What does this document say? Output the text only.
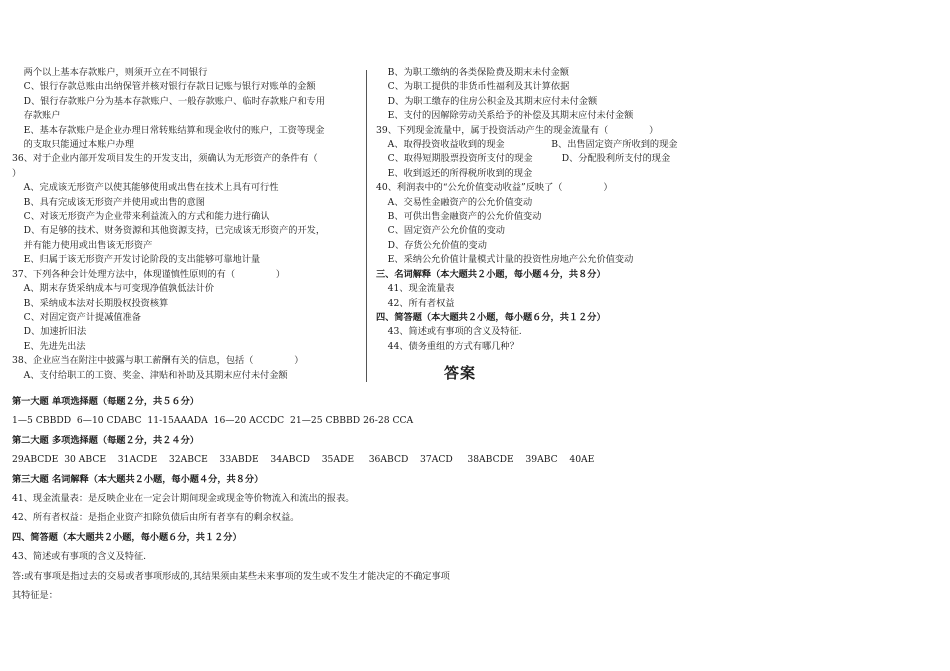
两个以上基本存款账户，则须开立在不同银行
C、银行存款总账由出纳保管并核对银行存款日记账与银行对账单的金额
D、银行存款账户分为基本存款账户、一般存款账户、临时存款账户和专用
存款账户
E、基本存款账户是企业办理日常转账结算和现金收付的账户，工资等现金
的支取只能通过本账户办理
36、对于企业内部开发项目发生的开发支出，须确认为无形资产的条件有（
）
A、完成该无形资产以使其能够使用或出售在技术上具有可行性
B、具有完成该无形资产并使用或出售的意图
C、对该无形资产为企业带来利益流入的方式和能力进行确认
D、有足够的技术、财务资源和其他资源支持，已完成该无形资产的开发，
并有能力使用或出售该无形资产
E、归属于该无形资产开发讨论阶段的支出能够可靠地计量
37、下列各种会计处理方法中，体现谨慎性原则的有（              ）
A、期末存货采纳成本与可变现净值孰低法计价
B、采纳成本法对长期股权投资核算
C、对固定资产计提减值准备
D、加速折旧法
E、先进先出法
38、企业应当在附注中披露与职工薪酬有关的信息，包括（              ）
A、支付给职工的工资、奖金、津贴和补助及其期末应付未付金额
B、为职工缴纳的各类保险费及期末未付金额
C、为职工提供的非货币性福利及其计算依据
D、为职工缴存的住房公积金及其期末应付未付金额
E、支付的因解除劳动关系给予的补偿及其期末应付未付金额
39、下列现金流量中，属于投资活动产生的现金流量有（              ）
A、取得投资收益收到的现金                B、出售固定资产所收到的现金
C、取得短期股票投资所支付的现金          D、分配股利所支付的现金
E、收到返还的所得税所收到的现金
40、利润表中的“公允价值变动收益”反映了（              ）
A、交易性金融资产的公允价值变动
B、可供出售金融资产的公允价值变动
C、固定资产公允价值的变动
D、存货公允价值的变动
E、采纳公允价值计量模式计量的投资性房地产公允价值变动
三、名词解释（本大题共２小题，每小题４分，共８分）
41、现金流量表
42、所有者权益
四、简答题（本大题共２小题，每小题６分，共１２分）
43、简述或有事项的含义及特征.
44、债务重组的方式有哪几种？
答案
第一大题 单项选择题（每题２分，共５６分）
1—5 CBBDD  6—10 CDABC  11-15AAADA  16—20 ACCDC  21—25 CBBBD 26-28 CCA
第二大题 多项选择题（每题２分，共２４分）
29ABCDE  30 ABCE    31ACDE    32ABCE    33ABDE    34ABCD    35ADE     36ABCD    37ACD     38ABCDE    39ABC    40AE
第三大题 名词解释（本大题共２小题，每小题４分，共８分）
41、现金流量表：是反映企业在一定会计期间现金或现金等价物流入和流出的报表。
42、所有者权益：是指企业资产扣除负债后由所有者享有的剩余权益。
四、简答题（本大题共２小题，每小题６分，共１２分）
43、简述或有事项的含义及特征.
答:或有事项是指过去的交易或者事项形成的,其结果须由某些未来事项的发生或不发生才能决定的不确定事项
其特征是：
